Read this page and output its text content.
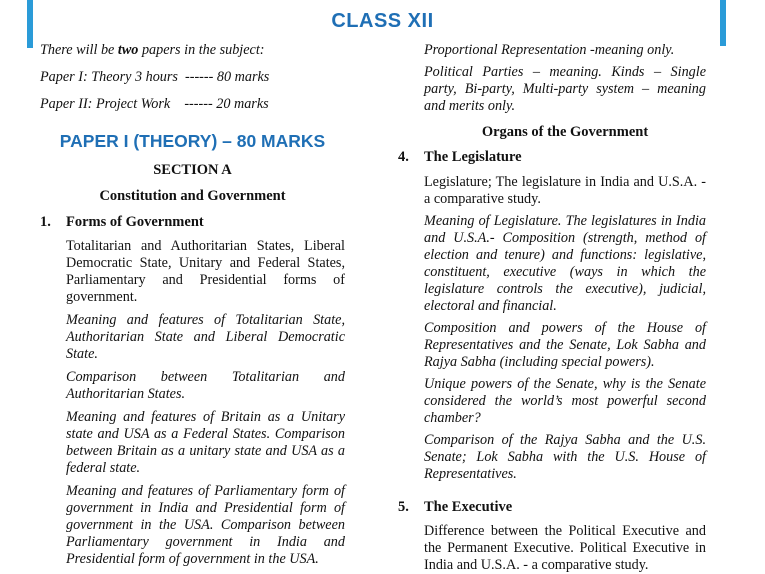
CLASS XII
There will be two papers in the subject:
Paper I: Theory 3 hours  ------ 80 marks
Paper II: Project Work    ------ 20 marks
PAPER I (THEORY) – 80 MARKS
SECTION A
Constitution and Government
1.	Forms of Government

Totalitarian and Authoritarian States, Liberal Democratic State, Unitary and Federal States, Parliamentary and Presidential forms of government.

Meaning and features of Totalitarian State, Authoritarian State and Liberal Democratic State.

Comparison between Totalitarian and Authoritarian States.

Meaning and features of Britain as a Unitary state and USA as a Federal States. Comparison between Britain as a unitary state and USA as a federal state.

Meaning and features of Parliamentary form of government in India and Presidential form of government in the USA. Comparison between Parliamentary government in India and Presidential form of government in the USA.

Proportional Representation -meaning only.

Political Parties – meaning. Kinds – Single party, Bi-party, Multi-party system – meaning and merits only.

Organs of the Government
4.	The Legislature

Legislature; The legislature in India and U.S.A. - a comparative study.

Meaning of Legislature. The legislatures in India and U.S.A.- Composition (strength, method of election and tenure) and functions: legislative, constituent, executive (ways in which the legislature controls the executive), judicial, electoral and financial.

Composition and powers of the House of Representatives and the Senate, Lok Sabha and Rajya Sabha (including special powers).

Unique powers of the Senate, why is the Senate considered the world’s most powerful second chamber?

Comparison of the Rajya Sabha and the U.S. Senate; Lok Sabha with the U.S. House of Representatives.

5.	The Executive

Difference between the Political Executive and the Permanent Executive. Political Executive in India and U.S.A. - a comparative study.
